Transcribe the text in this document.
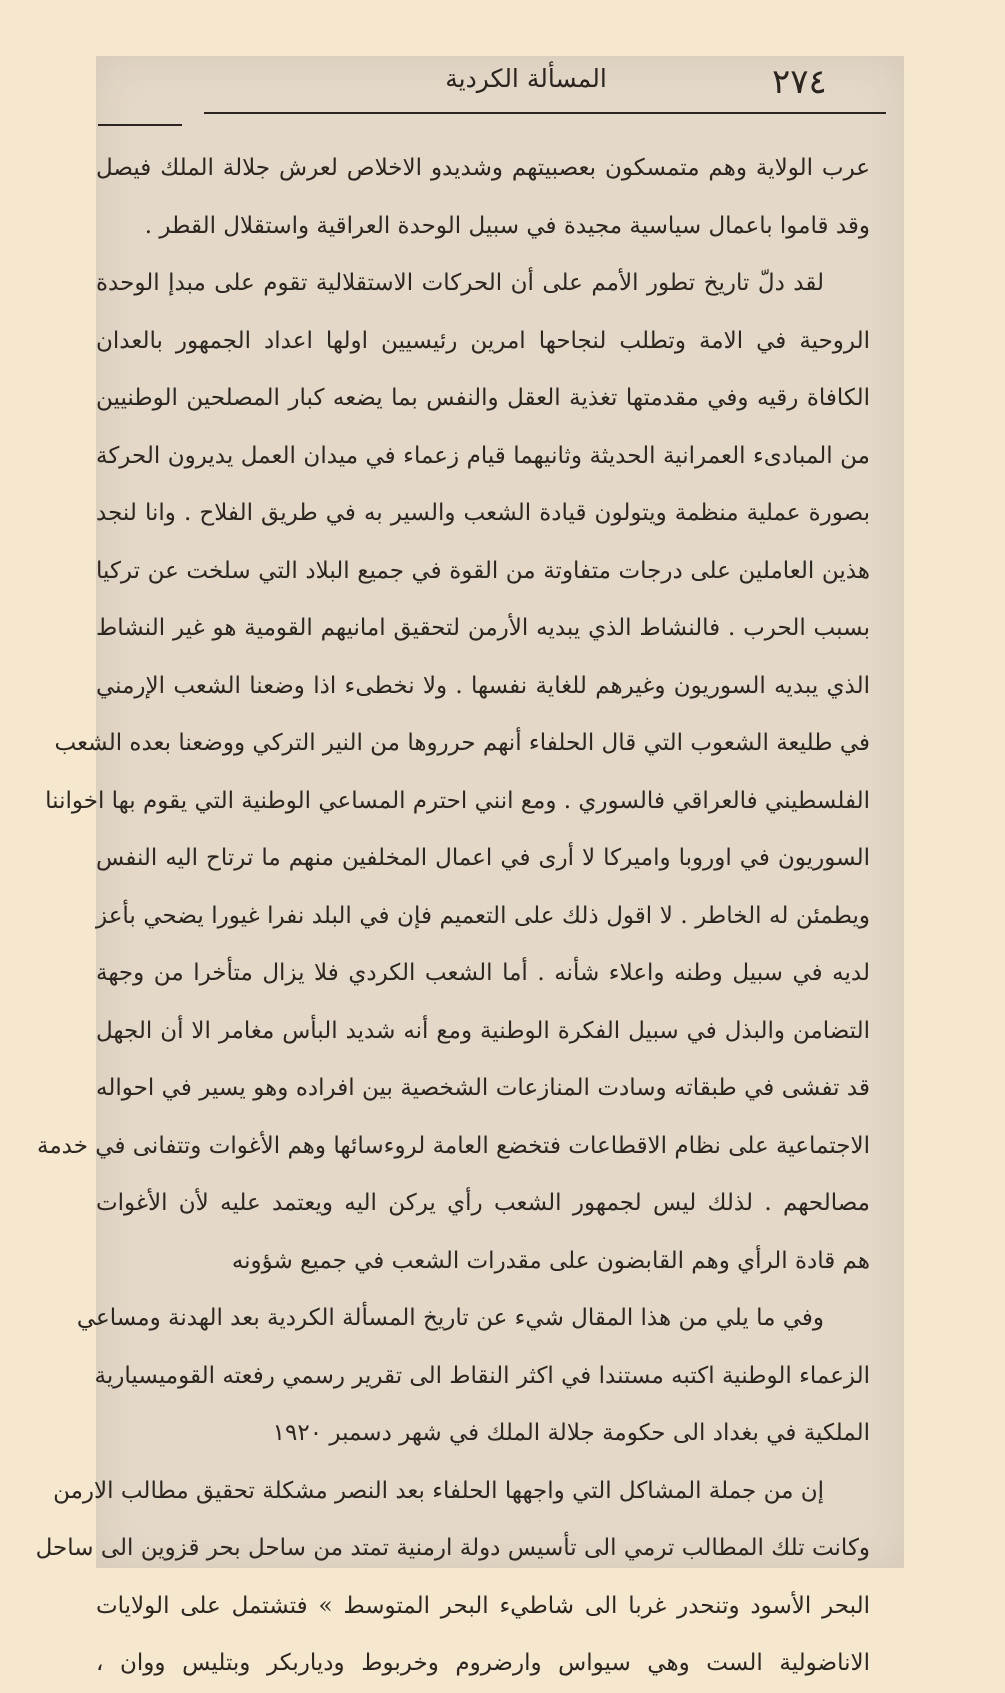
٢٧٤
المسألة الكردية
عرب الولاية وهم متمسكون بعصبيتهم وشديدو الاخلاص لعرش جلالة الملك فيصل
وقد قاموا باعمال سياسية مجيدة في سبيل الوحدة العراقية واستقلال القطر .
لقد دلّ تاريخ تطور الأمم على أن الحركات الاستقلالية تقوم على مبدإ الوحدة
الروحية في الامة وتطلب لنجاحها امرين رئيسيين اولها اعداد الجمهور بالعدان
الكافاة رقيه وفي مقدمتها تغذية العقل والنفس بما يضعه كبار المصلحين الوطنيين
من المبادىء العمرانية الحديثة وثانيهما قيام زعماء في ميدان العمل يديرون الحركة
بصورة عملية منظمة ويتولون قيادة الشعب والسير به في طريق الفلاح . وانا لنجد
هذين العاملين على درجات متفاوتة من القوة في جميع البلاد التي سلخت عن تركيا
بسبب الحرب . فالنشاط الذي يبديه الأرمن لتحقيق امانيهم القومية هو غير النشاط
الذي يبديه السوريون وغيرهم للغاية نفسها . ولا نخطىء اذا وضعنا الشعب الإرمني
في طليعة الشعوب التي قال الحلفاء أنهم حرروها من النير التركي ووضعنا بعده الشعب
الفلسطيني فالعراقي فالسوري . ومع انني احترم المساعي الوطنية التي يقوم بها اخواننا
السوريون في اوروبا واميركا لا أرى في اعمال المخلفين منهم ما ترتاح اليه النفس
ويطمئن له الخاطر . لا اقول ذلك على التعميم فإن في البلد نفرا غيورا يضحي بأعز
لديه في سبيل وطنه واعلاء شأنه . أما الشعب الكردي فلا يزال متأخرا من وجهة
التضامن والبذل في سبيل الفكرة الوطنية ومع أنه شديد البأس مغامر الا أن الجهل
قد تفشى في طبقاته وسادت المنازعات الشخصية بين افراده وهو يسير في احواله
الاجتماعية على نظام الاقطاعات فتخضع العامة لروءسائها وهم الأغوات وتتفانى في خدمة
مصالحهم . لذلك ليس لجمهور الشعب رأي يركن اليه ويعتمد عليه لأن الأغوات
هم قادة الرأي وهم القابضون على مقدرات الشعب في جميع شؤونه
وفي ما يلي من هذا المقال شيء عن تاريخ المسألة الكردية بعد الهدنة ومساعي
الزعماء الوطنية اكتبه مستندا في اكثر النقاط الى تقرير رسمي رفعته القوميسيارية
الملكية في بغداد الى حكومة جلالة الملك في شهر دسمبر ١٩٢٠
إن من جملة المشاكل التي واجهها الحلفاء بعد النصر مشكلة تحقيق مطالب الارمن
وكانت تلك المطالب ترمي الى تأسيس دولة ارمنية تمتد من ساحل بحر قزوين الى ساحل
البحر الأسود وتنحدر غربا الى شاطيء البحر المتوسط » فتشتمل على الولايات
الاناضولية الست وهي سيواس وارضروم وخربوط ودياربكر وبتليس ووان ،
